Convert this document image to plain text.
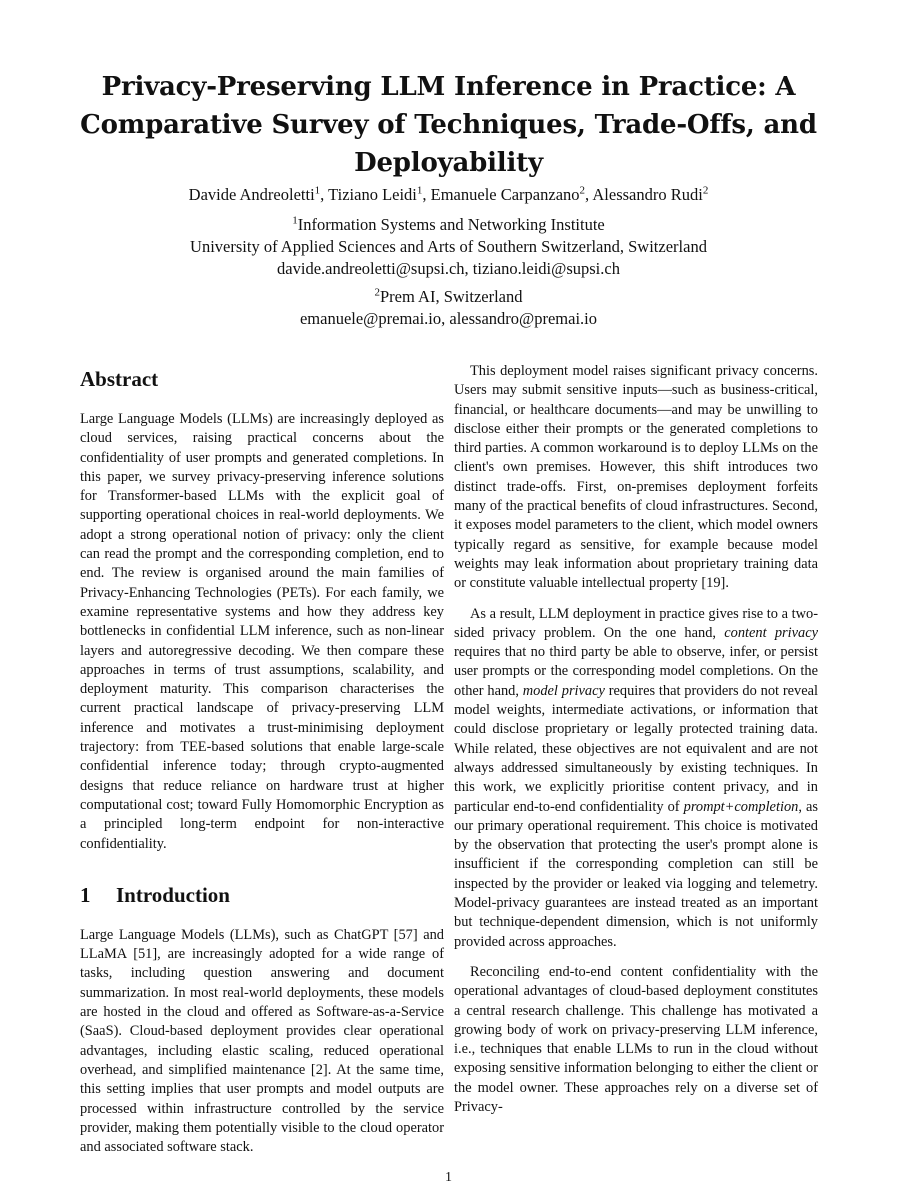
Privacy-Preserving LLM Inference in Practice: A Comparative Survey of Techniques, Trade-Offs, and Deployability
Davide Andreoletti$^1$, Tiziano Leidi$^1$, Emanuele Carpanzano$^2$, Alessandro Rudi$^2$
$^1$Information Systems and Networking Institute
University of Applied Sciences and Arts of Southern Switzerland, Switzerland
davide.andreoletti@supsi.ch, tiziano.leidi@supsi.ch
$^2$Prem AI, Switzerland
emanuele@premai.io, alessandro@premai.io
Abstract

Large Language Models (LLMs) are increasingly deployed as cloud services, raising practical concerns about the confidentiality of user prompts and generated completions. In this paper, we survey privacy-preserving inference solutions for Transformer-based LLMs with the explicit goal of supporting operational choices in real-world deployments. We adopt a strong operational notion of privacy: only the client can read the prompt and the corresponding completion, end to end. The review is organised around the main families of Privacy-Enhancing Technologies (PETs). For each family, we examine representative systems and how they address key bottlenecks in confidential LLM inference, such as non-linear layers and autoregressive decoding. We then compare these approaches in terms of trust assumptions, scalability, and deployment maturity. This comparison characterises the current practical landscape of privacy-preserving LLM inference and motivates a trust-minimising deployment trajectory: from TEE-based solutions that enable large-scale confidential inference today; through crypto-augmented designs that reduce reliance on hardware trust at higher computational cost; toward Fully Homomorphic Encryption as a principled long-term endpoint for non-interactive confidentiality.

1 Introduction

Large Language Models (LLMs), such as ChatGPT [57] and LLaMA [51], are increasingly adopted for a wide range of tasks, including question answering and document summarization. In most real-world deployments, these models are hosted in the cloud and offered as Software-as-a-Service (SaaS). Cloud-based deployment provides clear operational advantages, including elastic scaling, reduced operational overhead, and simplified maintenance [2]. At the same time, this setting implies that user prompts and model outputs are processed within infrastructure controlled by the service provider, making them potentially visible to the cloud operator and associated software stack.

This deployment model raises significant privacy concerns. Users may submit sensitive inputs—such as business-critical, financial, or healthcare documents—and may be unwilling to disclose either their prompts or the generated completions to third parties. A common workaround is to deploy LLMs on the client's own premises. However, this shift introduces two distinct trade-offs. First, on-premises deployment forfeits many of the practical benefits of cloud infrastructures. Second, it exposes model parameters to the client, which model owners typically regard as sensitive, for example because model weights may leak information about proprietary training data or constitute valuable intellectual property [19].

As a result, LLM deployment in practice gives rise to a two-sided privacy problem. On the one hand, content privacy requires that no third party be able to observe, infer, or persist user prompts or the corresponding model completions. On the other hand, model privacy requires that providers do not reveal model weights, intermediate activations, or information that could disclose proprietary or legally protected training data. While related, these objectives are not equivalent and are not always addressed simultaneously by existing techniques. In this work, we explicitly prioritise content privacy, and in particular end-to-end confidentiality of prompt+completion, as our primary operational requirement. This choice is motivated by the observation that protecting the user's prompt alone is insufficient if the corresponding completion can still be inspected by the provider or leaked via logging and telemetry. Model-privacy guarantees are instead treated as an important but technique-dependent dimension, which is not uniformly provided across approaches.

Reconciling end-to-end content confidentiality with the operational advantages of cloud-based deployment constitutes a central research challenge. This challenge has motivated a growing body of work on privacy-preserving LLM inference, i.e., techniques that enable LLMs to run in the cloud without exposing sensitive information belonging to either the client or the model owner. These approaches rely on a diverse set of Privacy-

1
